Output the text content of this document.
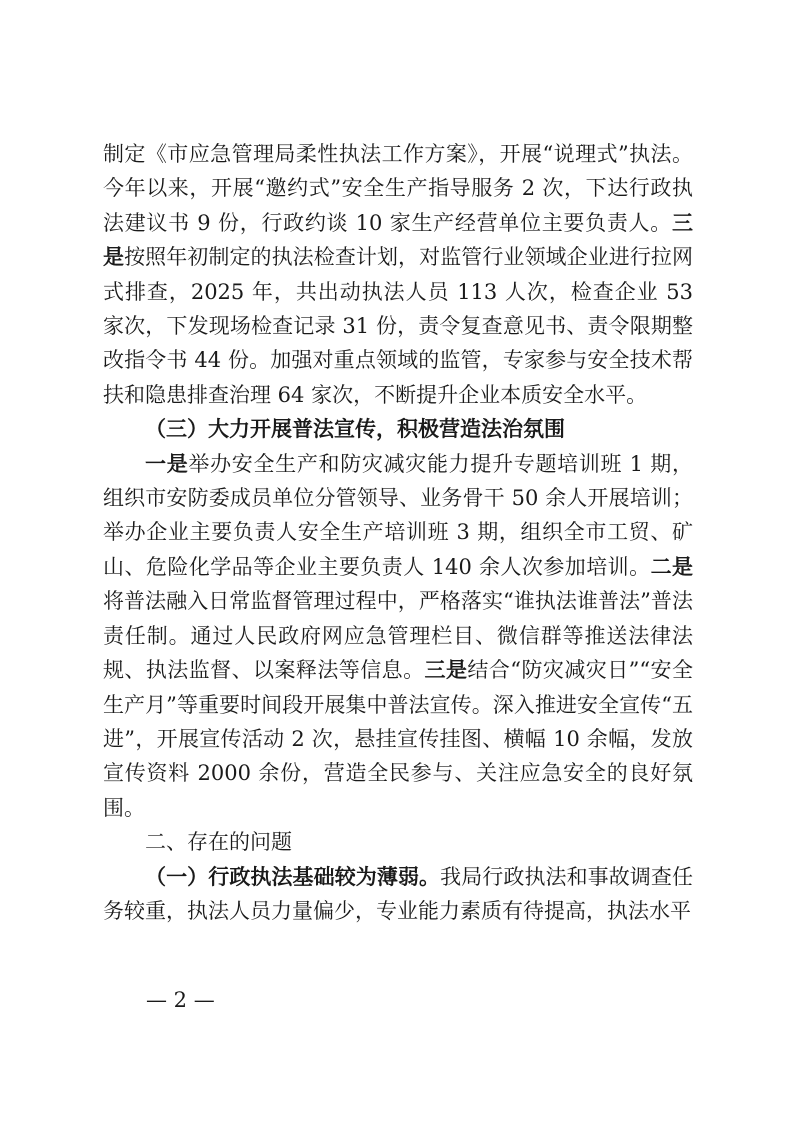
制定《市应急管理局柔性执法工作方案》，开展“说理式”执法。今年以来，开展“邀约式”安全生产指导服务 2 次，下达行政执法建议书 9 份，行政约谈 10 家生产经营单位主要负责人。三是按照年初制定的执法检查计划，对监管行业领域企业进行拉网式排查，2025 年，共出动执法人员 113 人次，检查企业 53 家次，下发现场检查记录 31 份，责令复查意见书、责令限期整改指令书 44 份。加强对重点领域的监管，专家参与安全技术帮扶和隐患排查治理 64 家次，不断提升企业本质安全水平。

（三）大力开展普法宣传，积极营造法治氛围

一是举办安全生产和防灾减灾能力提升专题培训班 1 期，组织市安防委成员单位分管领导、业务骨干 50 余人开展培训；举办企业主要负责人安全生产培训班 3 期，组织全市工贸、矿山、危险化学品等企业主要负责人 140 余人次参加培训。二是将普法融入日常监督管理过程中，严格落实“谁执法谁普法”普法责任制。通过人民政府网应急管理栏目、微信群等推送法律法规、执法监督、以案释法等信息。三是结合“防灾减灾日”“安全生产月”等重要时间段开展集中普法宣传。深入推进安全宣传“五进”，开展宣传活动 2 次，悬挂宣传挂图、横幅 10 余幅，发放宣传资料 2000 余份，营造全民参与、关注应急安全的良好氛围。

二、存在的问题

（一）行政执法基础较为薄弱。我局行政执法和事故调查任务较重，执法人员力量偏少，专业能力素质有待提高，执法水平

— 2 —
